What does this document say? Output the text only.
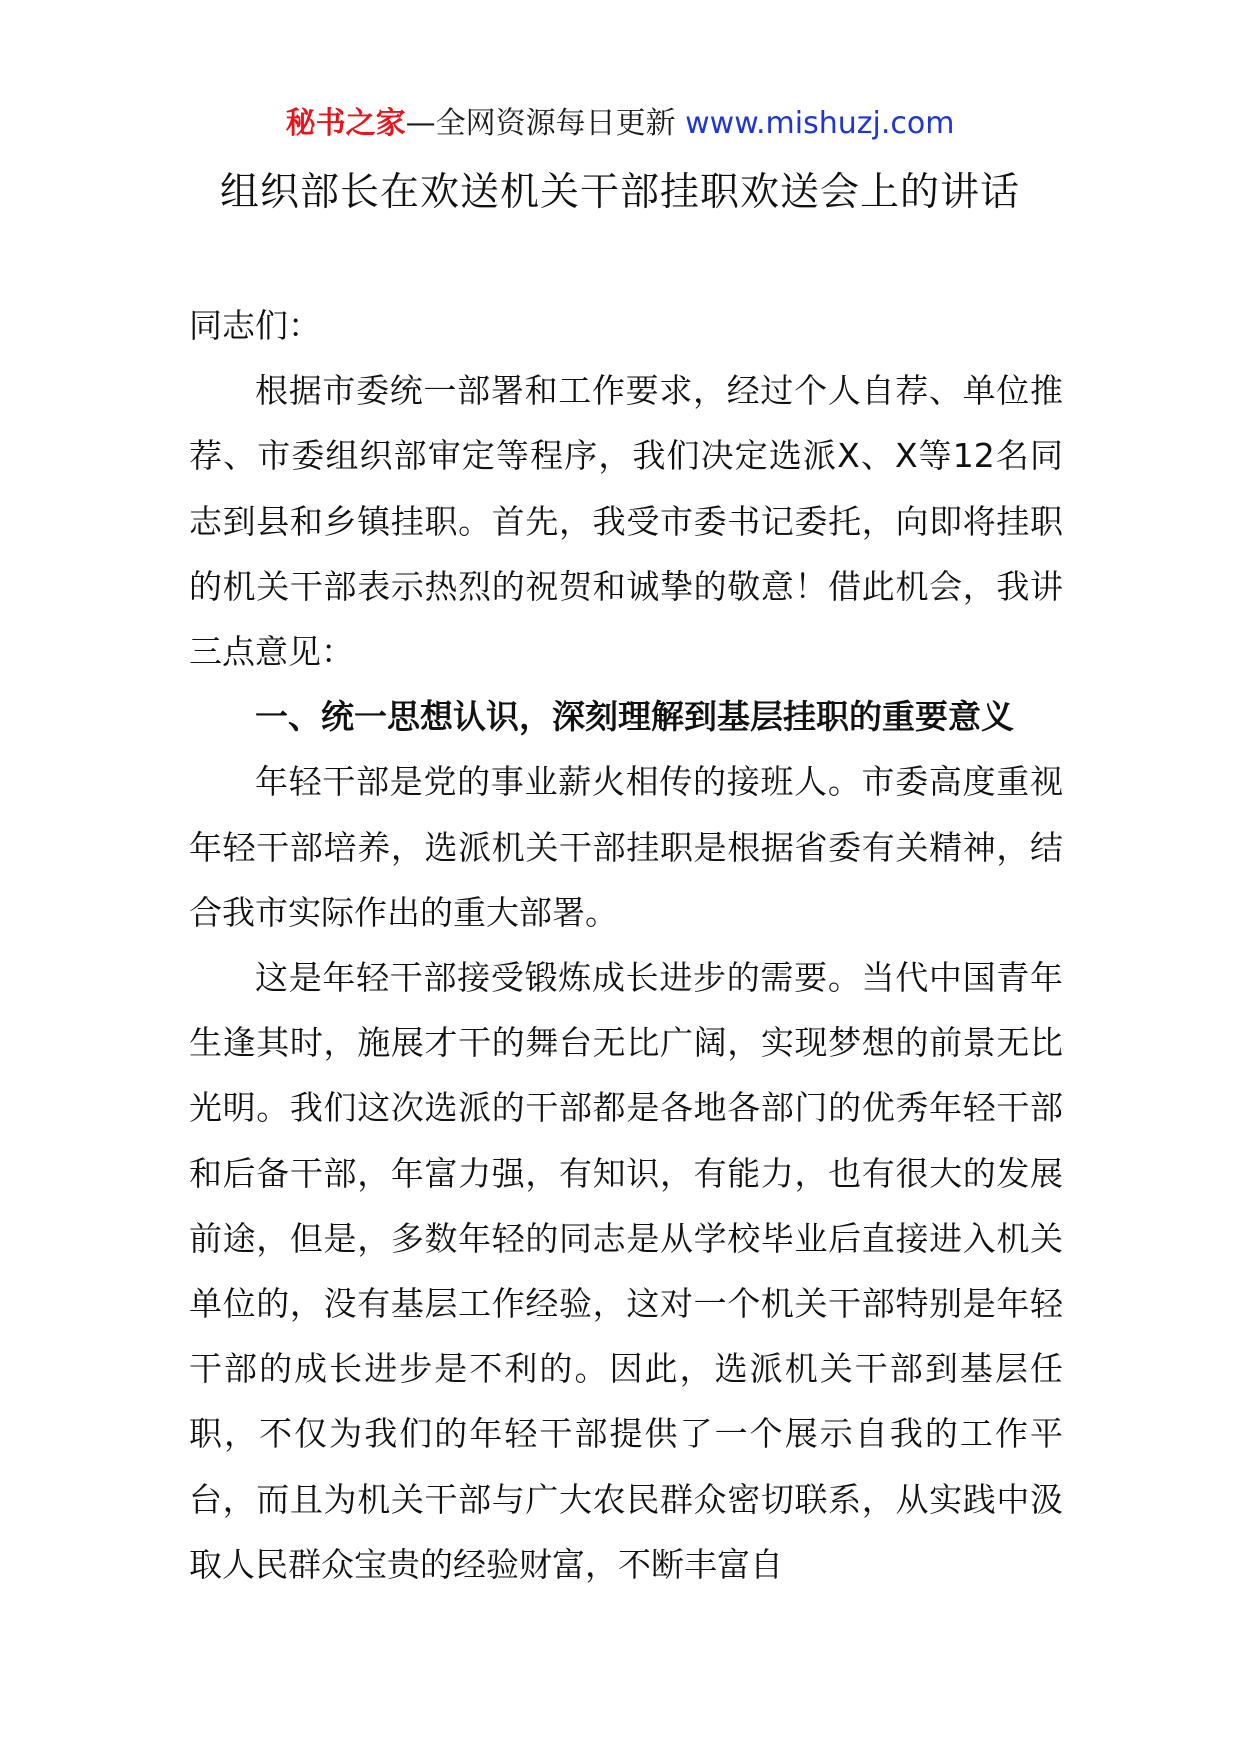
秘书之家—全网资源每日更新 www.mishuzj.com
组织部长在欢送机关干部挂职欢送会上的讲话

同志们：

根据市委统一部署和工作要求，经过个人自荐、单位推荐、市委组织部审定等程序，我们决定选派X、X等12名同志到县和乡镇挂职。首先，我受市委书记委托，向即将挂职的机关干部表示热烈的祝贺和诚挚的敬意！借此机会，我讲三点意见：

一、统一思想认识，深刻理解到基层挂职的重要意义

年轻干部是党的事业薪火相传的接班人。市委高度重视年轻干部培养，选派机关干部挂职是根据省委有关精神，结合我市实际作出的重大部署。

这是年轻干部接受锻炼成长进步的需要。当代中国青年生逢其时，施展才干的舞台无比广阔，实现梦想的前景无比光明。我们这次选派的干部都是各地各部门的优秀年轻干部和后备干部，年富力强，有知识，有能力，也有很大的发展前途，但是，多数年轻的同志是从学校毕业后直接进入机关单位的，没有基层工作经验，这对一个机关干部特别是年轻干部的成长进步是不利的。因此，选派机关干部到基层任职，不仅为我们的年轻干部提供了一个展示自我的工作平台，而且为机关干部与广大农民群众密切联系，从实践中汲取人民群众宝贵的经验财富，不断丰富自
